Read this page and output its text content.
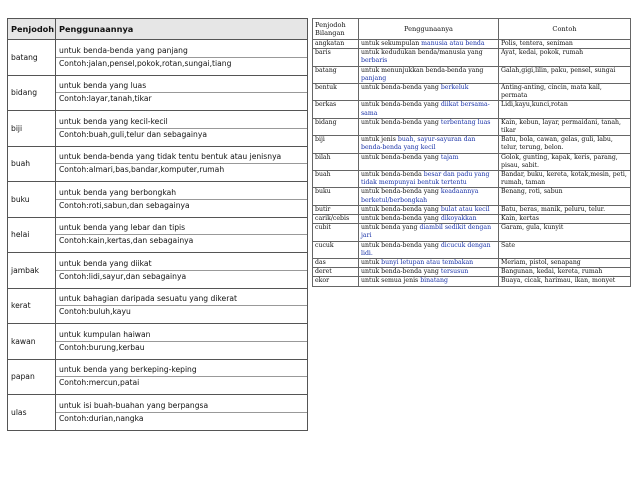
Penjodoh	Penggunaannya
batang	untuk benda-benda yang panjang
Contoh:jalan,pensel,pokok,rotan,sungai,tiang

bidang	untuk benda yang luas
Contoh:layar,tanah,tikar

biji	untuk benda yang kecil-kecil
Contoh:buah,guli,telur dan sebagainya

buah	untuk benda-benda yang tidak tentu bentuk atau jenisnya
Contoh:almari,bas,bandar,komputer,rumah

buku	untuk benda yang berbongkah
Contoh:roti,sabun,dan sebagainya

helai	untuk benda yang lebar dan tipis
Contoh:kain,kertas,dan sebagainya

jambak	untuk benda yang diikat
Contoh:lidi,sayur,dan sebagainya

kerat	untuk bahagian daripada sesuatu yang dikerat
Contoh:buluh,kayu

kawan	untuk kumpulan haiwan
Contoh:burung,kerbau

papan	untuk benda yang berkeping-keping
Contoh:mercun,patai

ulas	untuk isi buah-buahan yang berpangsa
Contoh:durian,nangka
Penjodoh Bilangan	Penggunaanya	Contoh
angkatan	untuk sekumpulan manusia atau benda	Polis, tentera, seniman
baris	untuk kedudukan benda/manusia yang berbaris	Ayat, kedai, pokok, rumah
batang	untuk menunjukkan benda-benda yang panjang	Galah,gigi,lilin, paku, pensel, sungai
bentuk	untuk benda-benda yang berkeluk	Anting-anting, cincin, mata kail, permata
berkas	untuk benda-benda yang diikat bersama-sama	Lidi,kayu,kunci,rotan
bidang	untuk benda-benda yang terbentang luas	Kain, kebun, layar, permaidani, tanah, tikar
biji	untuk jenis buah, sayur-sayuran dan benda-benda yang kecil	Batu, bola, cawan, gelas, guli, labu, telur, terung, belon.
bilah	untuk benda-benda yang tajam	Golok, gunting, kapak, keris, parang, pisau, sabit.
buah	untuk benda-benda besar dan padu yang tidak mempunyai bentuk tertentu	Bandar, buku, kereta, kotak,mesin, peti, rumah, taman
buku	untuk benda-benda yang keadaannya berketul/berbongkah	Benang, roti, sabun
butir	untuk benda-benda yang bulat atau kecil	Batu, beras, manik, peluru, telur.
carik/cebis	untuk benda-benda yang dikoyakkan	Kain, kertas
cubit	untuk benda yang diambil sedikit dengan jari	Garam, gula, kunyit
cucuk	untuk benda-benda yang dicucuk dengan lidi.	Sate
das	untuk bunyi letupan atau tembakan	Meriam, pistol, senapang
deret	untuk benda-benda yang tersusun	Bangunan, kedai, kereta, rumah
ekor	untuk semua jenis binatang	Buaya, cicak, harimau, ikan, monyet
